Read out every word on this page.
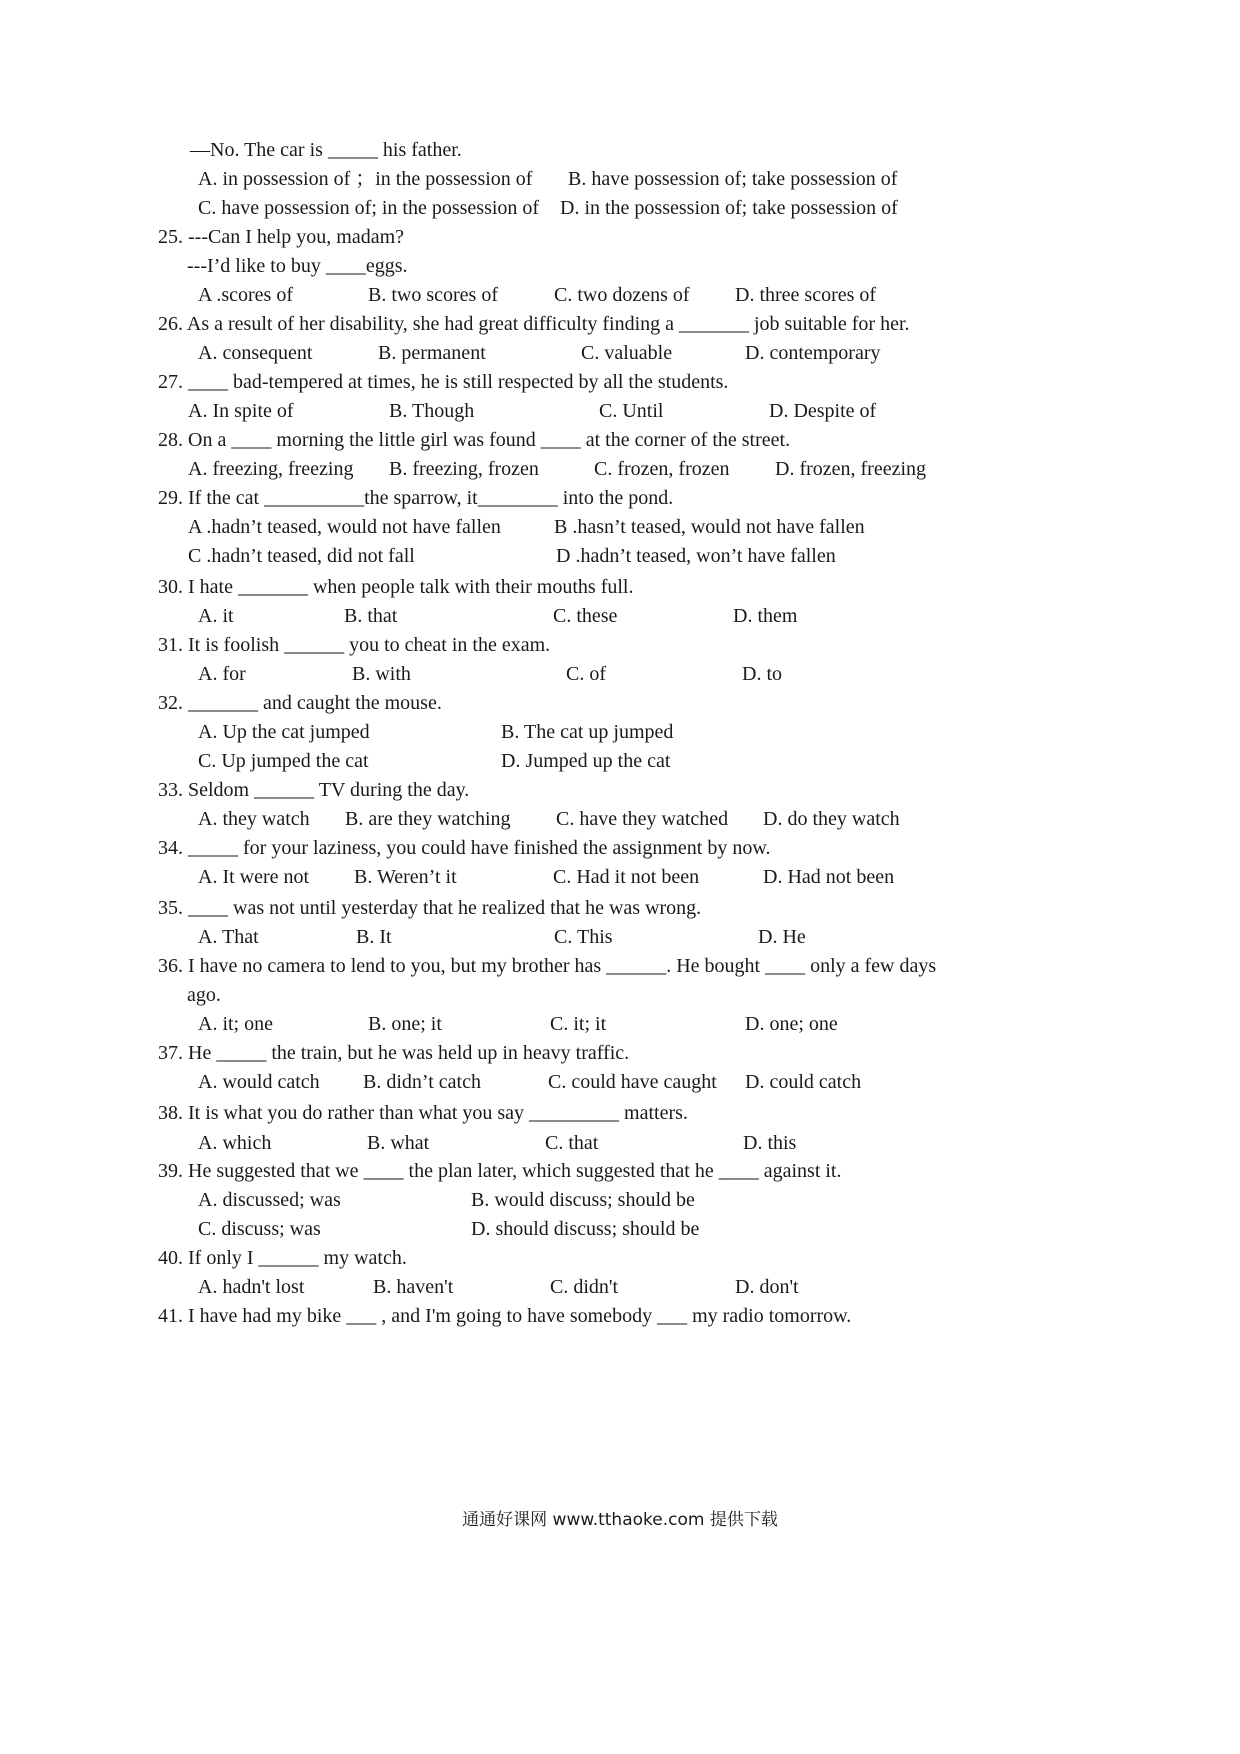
—No. The car is _____ his father.
A. in possession of ；in the possession of B. have possession of; take possession of
C. have possession of; in the possession of D. in the possession of; take possession of
25. ---Can I help you, madam?
---I’d like to buy ____eggs.
A .scores of	B. two scores of	C. two dozens of D. three scores of
26. As a result of her disability, she had great difficulty finding a _______ job suitable for her.
A. consequent	B. permanent	C. valuable	D. contemporary
27. ____ bad-tempered at times, he is still respected by all the students.
A. In spite of	B. Though	C. Until	D. Despite of
28. On a ____ morning the little girl was found ____ at the corner of the street.
A. freezing, freezing B. freezing, frozen	C. frozen, frozen D. frozen, freezing
29. If the cat __________the sparrow, it________ into the pond.
A .hadn’t teased, would not have fallen	B .hasn’t teased, would not have fallen
C .hadn’t teased, did not fall	D .hadn’t teased, won’t have fallen
30. I hate _______ when people talk with their mouths full.
A. it	B. that	C. these	D. them
31. It is foolish ______ you to cheat in the exam.
A. for	B. with	C. of	D. to
32. _______ and caught the mouse.
A. Up the cat jumped	B. The cat up jumped
C. Up jumped the cat	D. Jumped up the cat
33. Seldom ______ TV during the day.
A. they watch B. are they watching C. have they watched D. do they watch
34. _____ for your laziness, you could have finished the assignment by now.
A. It were not B. Weren’t it	C. Had it not been	D. Had not been
35. ____ was not until yesterday that he realized that he was wrong.
A. That	B. It	C. This	D. He
36. I have no camera to lend to you, but my brother has ______. He bought ____ only a few days
ago.
A. it; one	B. one; it	C. it; it	D. one; one
37. He _____ the train, but he was held up in heavy traffic.
A. would catch B. didn’t catch	C. could have caught D. could catch
38. It is what you do rather than what you say _________ matters.
A. which	B. what	C. that	D. this
39. He suggested that we ____ the plan later, which suggested that he ____ against it.
A. discussed; was	B. would discuss; should be
C. discuss; was	D. should discuss; should be
40. If only I ______ my watch.
A. hadn't lost	B. haven't	C. didn't	D. don't
41. I have had my bike ___ , and I'm going to have somebody ___ my radio tomorrow.
通通好课网 www.tthaoke.com 提供下载
